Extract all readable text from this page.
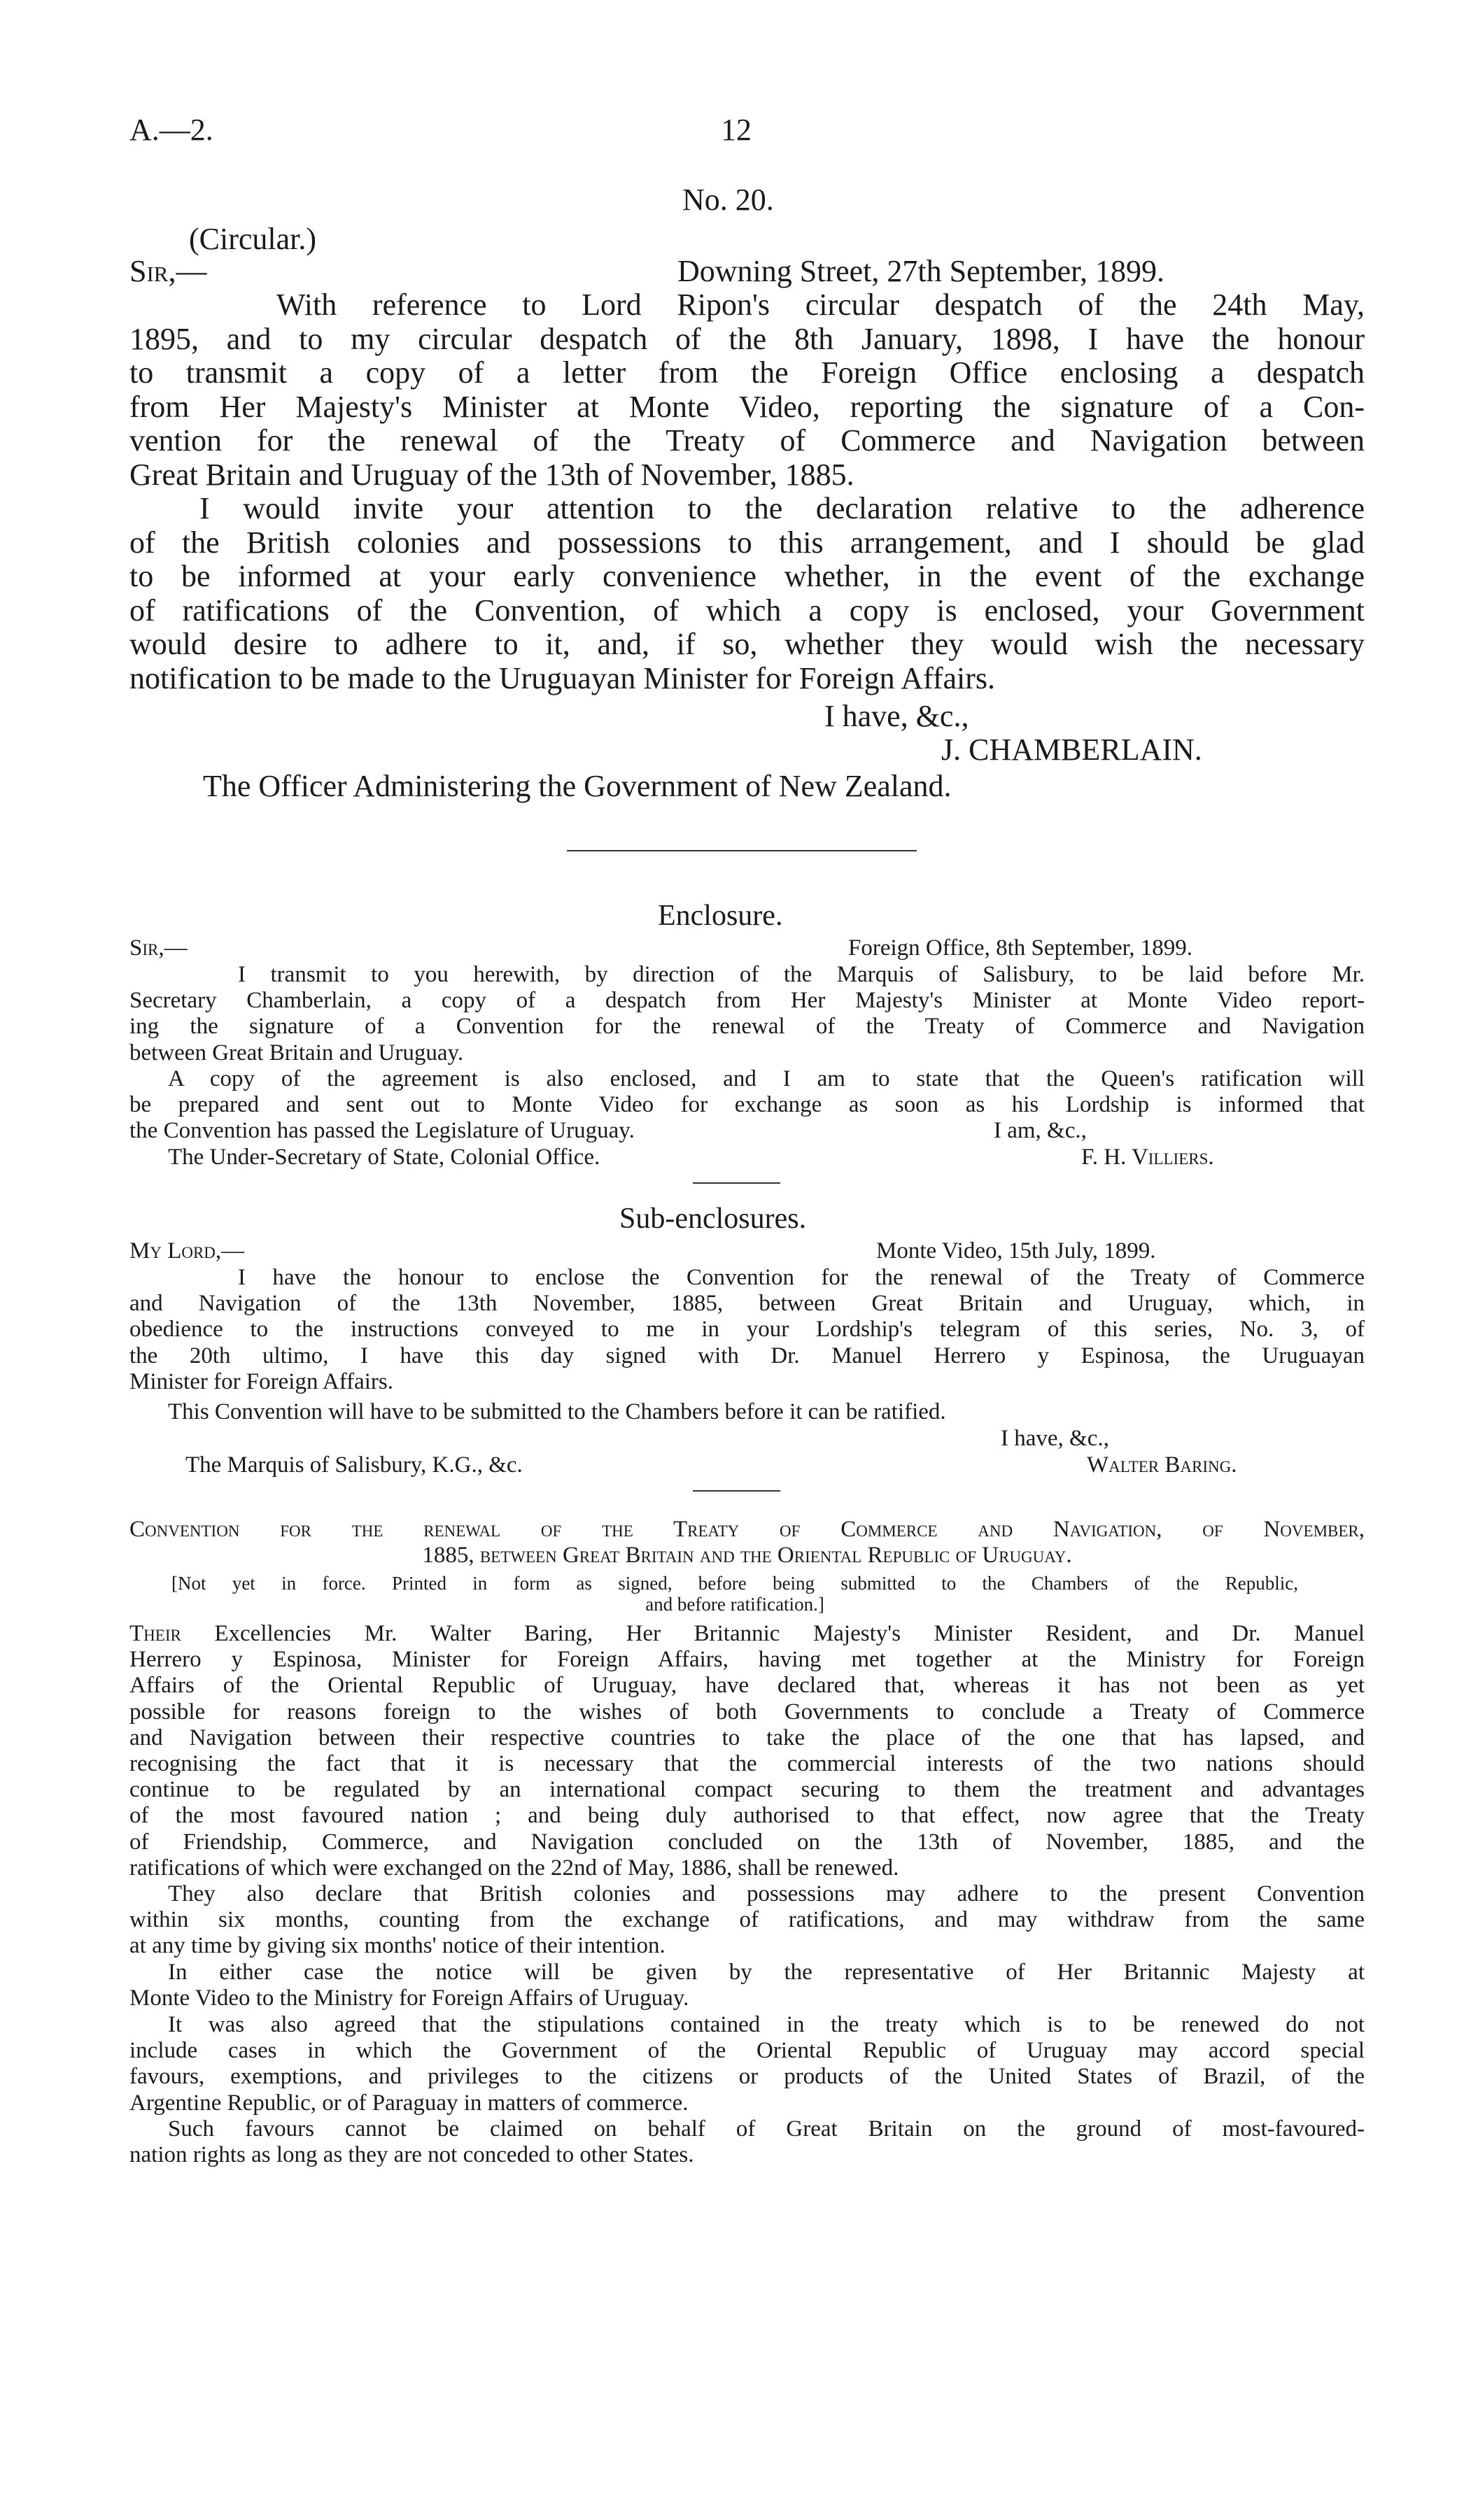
A.—2.	12
No. 20.
(Circular.)
Sir,—	Downing Street, 27th September, 1899.

With reference to Lord Ripon's circular despatch of the 24th May,

1895, and to my circular despatch of the 8th January, 1898, I have the honour

to transmit a copy of a letter from the Foreign Office enclosing a despatch

from Her Majesty's Minister at Monte Video, reporting the signature of a Con-

vention for the renewal of the Treaty of Commerce and Navigation between

Great Britain and Uruguay of the 13th of November, 1885.

I would invite your attention to the declaration relative to the adherence

of the British colonies and possessions to this arrangement, and I should be glad

to be informed at your early convenience whether, in the event of the exchange

of ratifications of the Convention, of which a copy is enclosed, your Government

would desire to adhere to it, and, if so, whether they would wish the necessary

notification to be made to the Uruguayan Minister for Foreign Affairs.

I have, &c.,
J. CHAMBERLAIN.
The Officer Administering the Government of New Zealand.
Enclosure.
Sir,—	Foreign Office, 8th September, 1899.

I transmit to you herewith, by direction of the Marquis of Salisbury, to be laid before Mr.

Secretary Chamberlain, a copy of a despatch from Her Majesty's Minister at Monte Video report-

ing the signature of a Convention for the renewal of the Treaty of Commerce and Navigation

between Great Britain and Uruguay.

A copy of the agreement is also enclosed, and I am to state that the Queen's ratification will

be prepared and sent out to Monte Video for exchange as soon as his Lordship is informed that

the Convention has passed the Legislature of Uruguay.	I am, &c.,
The Under-Secretary of State, Colonial Office.	F. H. Villiers.
Sub-enclosures.
My Lord,—	Monte Video, 15th July, 1899.

I have the honour to enclose the Convention for the renewal of the Treaty of Commerce

and Navigation of the 13th November, 1885, between Great Britain and Uruguay, which, in

obedience to the instructions conveyed to me in your Lordship's telegram of this series, No. 3, of

the 20th ultimo, I have this day signed with Dr. Manuel Herrero y Espinosa, the Uruguayan

Minister for Foreign Affairs.

This Convention will have to be submitted to the Chambers before it can be ratified.
I have, &c.,
The Marquis of Salisbury, K.G., &c.	Walter Baring.

Convention for the renewal of the Treaty of Commerce and Navigation, of November,

1885, between Great Britain and the Oriental Republic of Uruguay.

[Not yet in force. Printed in form as signed, before being submitted to the Chambers of the Republic,

and before ratification.]

Their Excellencies Mr. Walter Baring, Her Britannic Majesty's Minister Resident, and Dr. Manuel

Herrero y Espinosa, Minister for Foreign Affairs, having met together at the Ministry for Foreign

Affairs of the Oriental Republic of Uruguay, have declared that, whereas it has not been as yet

possible for reasons foreign to the wishes of both Governments to conclude a Treaty of Commerce

and Navigation between their respective countries to take the place of the one that has lapsed, and

recognising the fact that it is necessary that the commercial interests of the two nations should

continue to be regulated by an international compact securing to them the treatment and advantages

of the most favoured nation ; and being duly authorised to that effect, now agree that the Treaty

of Friendship, Commerce, and Navigation concluded on the 13th of November, 1885, and the

ratifications of which were exchanged on the 22nd of May, 1886, shall be renewed.

They also declare that British colonies and possessions may adhere to the present Convention

within six months, counting from the exchange of ratifications, and may withdraw from the same

at any time by giving six months' notice of their intention.

In either case the notice will be given by the representative of Her Britannic Majesty at

Monte Video to the Ministry for Foreign Affairs of Uruguay.

It was also agreed that the stipulations contained in the treaty which is to be renewed do not

include cases in which the Government of the Oriental Republic of Uruguay may accord special

favours, exemptions, and privileges to the citizens or products of the United States of Brazil, of the

Argentine Republic, or of Paraguay in matters of commerce.

Such favours cannot be claimed on behalf of Great Britain on the ground of most-favoured-

nation rights as long as they are not conceded to other States.
